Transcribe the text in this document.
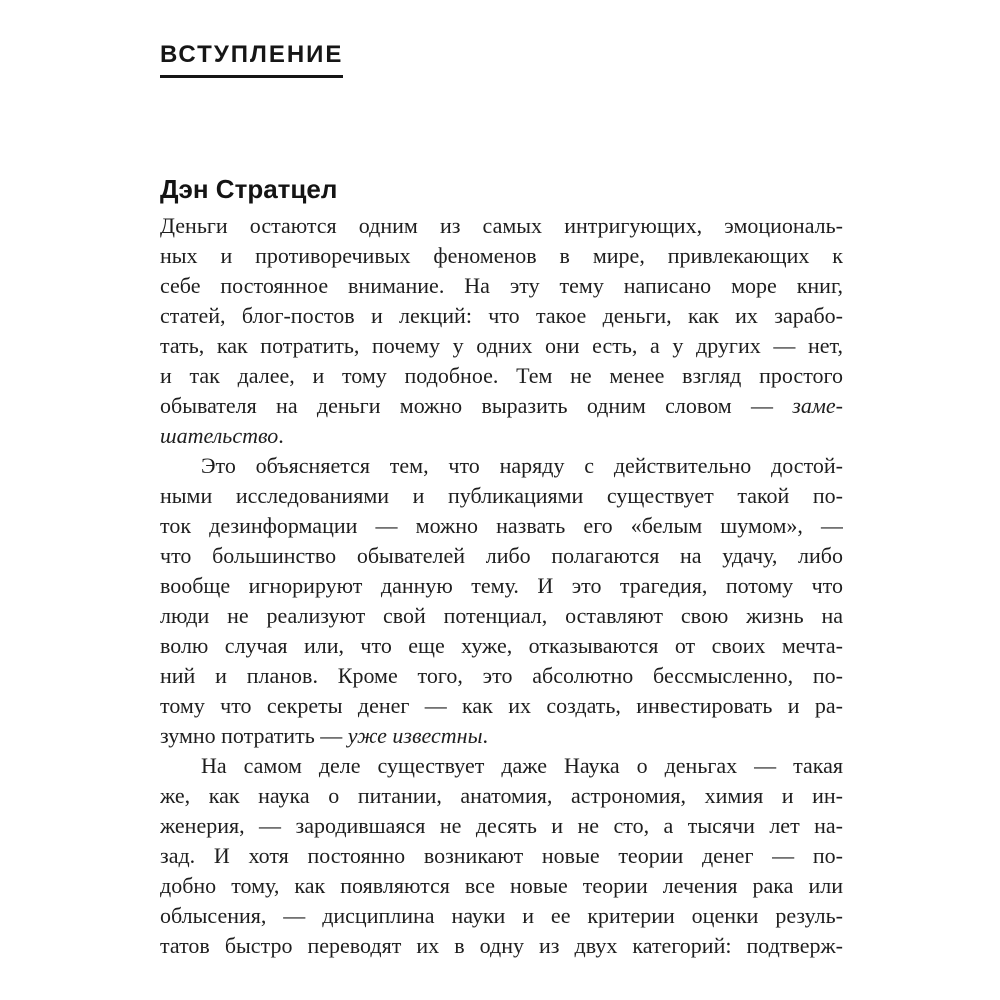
ВСТУПЛЕНИЕ
Дэн Стратцел
Деньги остаются одним из самых интригующих, эмоциональ-
ных и противоречивых феноменов в мире, привлекающих к
себе постоянное внимание. На эту тему написано море книг,
статей, блог-постов и лекций: что такое деньги, как их зарабо-
тать, как потратить, почему у одних они есть, а у других — нет,
и так далее, и тому подобное. Тем не менее взгляд простого
обывателя на деньги можно выразить одним словом — заме-
шательство.
Это объясняется тем, что наряду с действительно достой-
ными исследованиями и публикациями существует такой по-
ток дезинформации — можно назвать его «белым шумом», —
что большинство обывателей либо полагаются на удачу, либо
вообще игнорируют данную тему. И это трагедия, потому что
люди не реализуют свой потенциал, оставляют свою жизнь на
волю случая или, что еще хуже, отказываются от своих мечта-
ний и планов. Кроме того, это абсолютно бессмысленно, по-
тому что секреты денег — как их создать, инвестировать и ра-
зумно потратить — уже известны.
На самом деле существует даже Наука о деньгах — такая
же, как наука о питании, анатомия, астрономия, химия и ин-
женерия, — зародившаяся не десять и не сто, а тысячи лет на-
зад. И хотя постоянно возникают новые теории денег — по-
добно тому, как появляются все новые теории лечения рака или
облысения, — дисциплина науки и ее критерии оценки резуль-
татов быстро переводят их в одну из двух категорий: подтверж-
